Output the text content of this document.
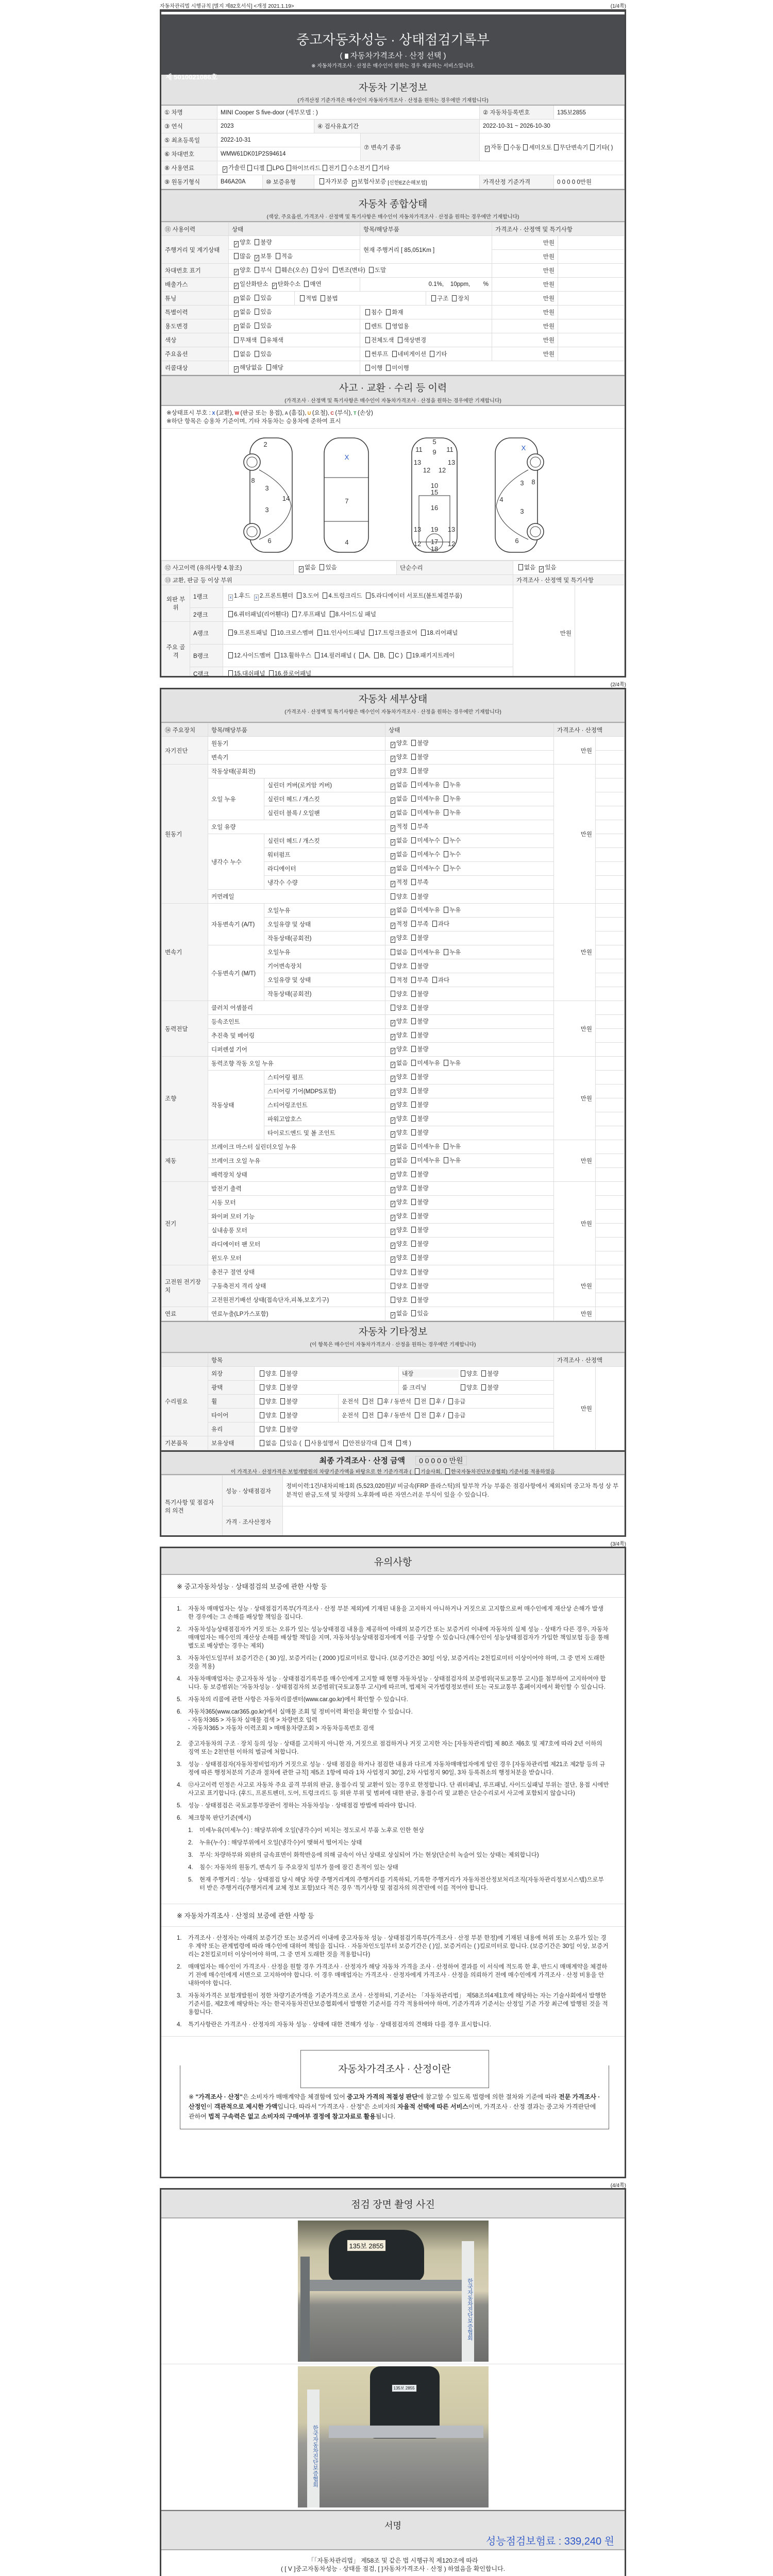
자동차관리법 시행규칙 [별지 제82호서식] <개정 2021.1.19>	(1/4쪽)
중고자동차성능 · 상태점검기록부
( 자동차가격조사 · 산정 선택 )
※ 자동차가격조사 · 산정은 매수인이 원하는 경우 제공하는 서비스입니다.
제 5010021086호
자동차 기본정보
(가격산정 기준가격은 매수인이 자동차가격조사 · 산정을 원하는 경우에만 기재합니다)
① 차명	MINI Cooper S five-door (세부모델 : )	② 자동차등록번호	135보2855
③ 연식	2023	④ 검사유효기간	2022-10-31 ~ 2026-10-30
⑤ 최초등록일	2022-10-31
⑥ 차대번호	WMW61DK01P2S94614
⑦ 변속기 종류	✓ 자동	수동	세미오토	무단변속기	기타( )
⑧ 사용연료	✓ 가솔린	디젤	LPG	하이브리드	전기	수소전기	기타
⑨ 원동기형식	B46A20A	⑩ 보증유형	자가보증 ✓ 보험사보증
[신한EZ손해보험]	가격산정 기준가격	0 0 0 0 0만원
자동차 종합상태
(색상, 주요옵션, 가격조사 · 산정액 및 특기사항은 매수인이 자동차가격조사 · 산정을 원하는 경우에만 기재합니다)
⑪ 사용이력	상태		항목/해당부품		가격조사 · 산정액 및 특기사항	
주행거리 및 계기상태	✓ 양호 불량		현재 주행거리 [ 85,051Km ]		만원	
	많음 ✓ 보통 적음				만원	
차대번호 표기	✓ 양호 부식 훼손(오손) 상이 변조(변타) 도말				만원	
배출가스	✓ 일산화탄소 ✓ 탄화수소 매연		0.1%, 10ppm, %		만원	
튜닝	✓ 없음 있음	적법 불법		구조 장치	만원	
특별이력	✓ 없음 있음		침수 화재		만원	
용도변경	✓ 없음 있음		렌트 영업용		만원	
색상	무채색 유채색		전체도색 색상변경		만원	
주요옵션	없음 있음		썬루프 네비게이션 기타		만원	
리콜대상	✓ 해당없음 해당		이행 미이행			
사고 · 교환 · 수리 등 이력
(가격조사 · 산정액 및 특기사항은 매수인이 자동차가격조사 · 산정을 원하는 경우에만 기재합니다)
※상태표시 부호 : X (교환), W (판금 또는 용접), A (흠집), U (요철), C (부식), T (손상)
※하단 항목은 승용차 기준이며, 기타 자동차는 승용차에 준하여 표시
2
8
3
3
14
6
7
4
X
5
9
11	11
13	13
12 12
10
15
16
13	13
19
12	12
17
18
3 8
3
4
6
X
⑫ 사고이력 (유의사항 4.참조)			✓ 없음 있음	단순수리	없음 ✓ 있음	
⑬ 교환, 판금 등 이상 부위					가격조사 · 산정액 및 특기사항	
외판 부위	1랭크	x 1.후드 x 2.프론트휀더 3.도어 4.트렁크리드 5.라디에이터 서포트(볼트체결부품)			만원	
	2랭크	6.쿼터패널(리어휀다) 7.루프패널 8.사이드실 패널				
주요 골격	A랭크	9.프론트패널 10.크로스멤버 11.인사이드패널 17.트렁크플로어 18.리어패널				
	B랭크	12.사이드멤버 13.휠하우스 14.필러패널 ( A, B, C ) 19.패키지트레이				
	C랭크	15.대쉬패널 16.플로어패널				
(2/4쪽)
자동차 세부상태
(가격조사 · 산정액 및 특기사항은 매수인이 자동차가격조사 · 산정을 원하는 경우에만 기재합니다)
⑭ 주요장치	항목/해당부품		상태	가격조사 · 산정액	
자기진단	원동기		✓ 양호 불량	만원	
	변속기		✓ 양호 불량		
원동기	작동상태(공회전)		✓ 양호 불량	만원	
	오일 누유	실린더 커버(로커암 커버)	✓ 없음 미세누유 누유		
		실린더 헤드 / 개스킷	✓ 없음 미세누유 누유		
		실린더 블록 / 오일팬	✓ 없음 미세누유 누유		
	오일 유량		✓ 적정 부족		
	냉각수 누수	실린더 헤드 / 개스킷	✓ 없음 미세누수 누수		
		워터펌프	✓ 없음 미세누수 누수		
		라디에이터	✓ 없음 미세누수 누수		
		냉각수 수량	✓ 적정 부족		
	커먼레일		양호 불량		
변속기	자동변속기 (A/T)	오일누유	✓ 없음 미세누유 누유	만원	
		오일유량 및 상태	✓ 적정 부족 과다		
		작동상태(공회전)	✓ 양호 불량		
	수동변속기 (M/T)	오일누유	없음 미세누유 누유		
		기어변속장치	양호 불량		
		오일유량 및 상태	적정 부족 과다		
		작동상태(공회전)	양호 불량		
동력전달	클러치 어셈블리		양호 불량	만원	
	등속조인트		✓ 양호 불량		
	추진축 및 베어링		✓ 양호 불량		
	디퍼렌셜 기어		✓ 양호 불량		
조향	동력조향 작동 오일 누유		✓ 없음 미세누유 누유	만원	
	작동상태	스티어링 펌프	✓ 양호 불량		
		스티어링 기어(MDPS포함)	✓ 양호 불량		
		스티어링조인트	✓ 양호 불량		
		파워고압호스	✓ 양호 불량		
		타이로드엔드 및 볼 조인트	✓ 양호 불량		
제동	브레이크 마스터 실린더오일 누유		✓ 없음 미세누유 누유	만원	
	브레이크 오일 누유		✓ 없음 미세누유 누유		
	배력장치 상태		✓ 양호 불량		
전기	발전기 출력		✓ 양호 불량	만원	
	시동 모터		✓ 양호 불량		
	와이퍼 모터 기능		✓ 양호 불량		
	실내송풍 모터		✓ 양호 불량		
	라디에이터 팬 모터		✓ 양호 불량		
	윈도우 모터		✓ 양호 불량		
고전원 전기장치	충전구 절연 상태		양호 불량	만원	
	구동축전지 격리 상태		양호 불량		
	고전원전기배선 상태(접속단자,피복,보호기구)		양호 불량		
연료	연료누출(LP가스포함)		✓ 없음 있음	만원	
자동차 기타정보
(이 항목은 매수인이 자동차가격조사 · 산정을 원하는 경우에만 기재합니다)
	항목				가격조사 · 산정액	
수리필요	외장	양호 불량		내장 양호 불량	만원	
	광택	양호 불량		룸 크리닝 양호 불량		
	휠	양호 불량	운전석 전 후 / 동반석 전 후 / 응급			
	타이어	양호 불량	운전석 전 후 / 동반석 전 후 / 응급			
	유리	양호 불량				
기본품목	보유상태	없음 있음 ( 사용설명서 안전삼각대 잭 잭 )				
최종 가격조사 · 산정 금액 0 0 0 0 0 만원
이 가격조사 · 산정가격은 보험개발원의 차량기준가액을 바탕으로 한 기준가격과 ( 기술사회, 한국자동차진단보증협회) 기준서를 적용하였음
특기사항 및 점검자의 의견	성능 · 상태점검자	정비이력:1건/내차피해:1회 (5,523,020원)// 비금속(FRP 플라스틱)의 탈부착 가능 부품은 점검사항에서 제외되며 중고차 특성 상 부분적인 판금,도색 및 차량의 노후화에 따른 자연스러운 부식이 있을 수 있습니다.
	가격 · 조사산정자	
(3/4쪽)
유의사항
※ 중고자동차성능 · 상태점검의 보증에 관한 사항 등
1.	자동차 매매업자는 성능 · 상태점검기록부(가격조사 · 산정 부분 제외)에 기재된 내용을 고지하지 아니하거나 거짓으로 고지함으로써 매수인에게 재산상 손해가 발생한 경우에는 그 손해를 배상할 책임을 집니다.
2.	자동차성능상태점검자가 거짓 또는 오류가 있는 성능상태점검 내용을 제공하여 아래의 보증기간 또는 보증거리 이내에 자동차의 실제 성능 · 상태가 다른 경우, 자동차매매업자는 매수인의 재산상 손해를 배상할 책임을 지며, 자동차성능상태점검자에게 이를 구상할 수 있습니다.(매수인이 성능상태점검자가 가입한 책임보험 등을 통해 별도로 배상받는 경우는 제외)
3.	자동차인도일부터 보증기간은 ( 30 )일, 보증거리는 ( 2000 )킬로미터로 합니다. (보증기간은 30일 이상, 보증거리는 2천킬로미터 이상이어야 하며, 그 중 먼저 도래한 것을 적용)
4.	자동차매매업자는 중고자동차 성능 · 상태점검기록부를 매수인에게 고지할 때 현행 자동차성능 · 상태점검자의 보증범위(국토교통부 고시)를 첨부하여 고지하여야 합니다. 동 보증범위는 '자동차성능 · 상태점검자의 보증범위'(국토교통부 고시)에 따르며, 법제처 국가법령정보센터 또는 국토교통부 홈페이지에서 확인할 수 있습니다.
5.	자동차의 리콜에 관한 사항은 자동차리콜센터(www.car.go.kr)에서 확인할 수 있습니다.
6.	자동차365(www.car365.go.kr)에서 실매물 조회 및 정비이력 확인을 확인할 수 있습니다.
- 자동차365 > 자동차 실매물 검색 > 차량번호 입력
- 자동차365 > 자동차 이력조회 > 매매용차량조회 > 자동차등록번호 검색
2.	중고자동차의 구조 · 장치 등의 성능 · 상태를 고지하지 아니한 자, 거짓으로 점검하거나 거짓 고지한 자는 [자동차관리법] 제 80조 제6호 및 제7호에 따라 2년 이하의 징역 또는 2천만원 이하의 벌금에 처합니다.
3.	성능 · 상태점검자(자동차정비업자)가 거짓으로 성능 · 상태 점검을 하거나 점검한 내용과 다르게 자동차매매업자에게 알린 경우 [자동차관리법 제21조 제2항 등의 규정에 따른 행정처분의 기준과 절차에 관한 규칙] 제5조 1항에 따라 1차 사업정지 30일, 2차 사업정지 90일, 3차 등록취소의 행정처분을 받습니다.
4.	⑫사고이력 인정은 사고로 자동차 주요 골격 부위의 판금, 용접수리 및 교환이 있는 경우로 한정합니다. 단 쿼터패널, 루프패널, 사이드실패널 부위는 절단, 용접 시에만 사고로 표기합니다. (후드, 프론트펜더, 도어, 트렁크리드 등 외판 부위 및 범퍼에 대한 판금, 용접수리 및 교환은 단순수리로서 사고에 포함되지 않습니다)
5.	성능 · 상태점검은 국토교통부장관이 정하는 자동차성능 · 상태점검 방법에 따라야 합니다.
6.	체크항목 판단기준(예시)
1.	미세누유(미세누수) : 해당부위에 오일(냉각수)이 비치는 정도로서 부품 노후로 인한 현상
2.	누유(누수) : 해당부위에서 오일(냉각수)이 맺혀서 떨어지는 상태
3.	부식: 차량하부와 외판의 금속표면이 화학반응에 의해 금속이 아닌 상태로 상실되어 가는 현상(단순히 녹슬어 있는 상태는 제외합니다)
4.	침수: 자동차의 원동기, 변속기 등 주요장치 일부가 물에 잠긴 흔적이 있는 상태
5.	현재 주행거리 : 성능 · 상태점검 당시 해당 차량 주행거리계의 주행거리를 기록하되, 기록한 주행거리가 자동차전산정보처리조직(자동차관리정보시스템)으로부터 받은 주행거리(주행거리계 교체 정보 포함)보다 적은 경우 '특기사항 및 점검자의 의견'란에 이를 적어야 합니다.
※ 자동차가격조사 · 산정의 보증에 관한 사항 등
1.	가격조사 · 산정자는 아래의 보증기간 또는 보증거리 이내에 중고자동차 성능 · 상태점검기록부(가격조사 · 산정 부분 한정)에 기재된 내용에 허위 또는 오류가 있는 경우 계약 또는 관계법령에 따라 매수인에 대하여 책임을 집니다. · 자동차인도일부터 보증기간은 ( )일, 보증거리는 ( )킬로미터로 합니다. (보증기간은 30일 이상, 보증거리는 2천킬로미터 이상이어야 하며, 그 중 먼저 도래한 것을 적용합니다)
2.	매매업자는 매수인이 가격조사 · 산정을 원할 경우 가격조사 · 산정자가 해당 자동차 가격을 조사 · 산정하여 결과를 이 서식에 적도록 한 후, 반드시 매매계약을 체결하기 전에 매수인에게 서면으로 고지하여야 합니다. 이 경우 매매업자는 가격조사 · 산정자에게 가격조사 · 산정을 의뢰하기 전에 매수인에게 가격조사 · 산정 비용을 안내하여야 합니다.
3.	자동차가격은 보험개발원이 정한 차량기준가액을 기준가격으로 조사 · 산정하되, 기준서는 「자동차관리법」 제58조의4제1호에 해당하는 자는 기술사회에서 발행한 기준서를, 제2호에 해당하는 자는 한국자동차진단보증협회에서 발행한 기준서를 각각 적용하여야 하며, 기준가격과 기준서는 산정일 기준 가장 최근에 발행된 것을 적용합니다.
4.	특기사항란은 가격조사 · 산정자의 자동차 성능 · 상태에 대한 견해가 성능 · 상태점검자의 견해와 다를 경우 표시합니다.
자동차가격조사 · 산정이란
※ "가격조사 · 산정"은 소비자가 매매계약을 체결함에 있어 중고차 가격의 적절성 판단에 참고할 수 있도록 법령에 의한 절차와 기준에 따라 전문 가격조사 · 산정인이 객관적으로 제시한 가액입니다. 따라서 "가격조사 · 산정"은 소비자의 자율적 선택에 따른 서비스이며, 가격조사 · 산정 결과는 중고차 가격판단에 관하여 법적 구속력은 없고 소비자의 구매여부 결정에 참고자료로 활용됩니다.
(4/4쪽)
점검 장면 촬영 사진
135보 2855
한국자동차진단보증협회
135보 2855
한국자동차진단보증협회
서명
성능점검보험료 : 339,240 원
「「자동차관리법」 제58조 및 같은 법 시행규칙 제120조에 따라
( [ V ]중고자동차성능 · 상태를 점검, [ ]자동차가격조사 · 산정 ) 하였음을 확인합니다.
